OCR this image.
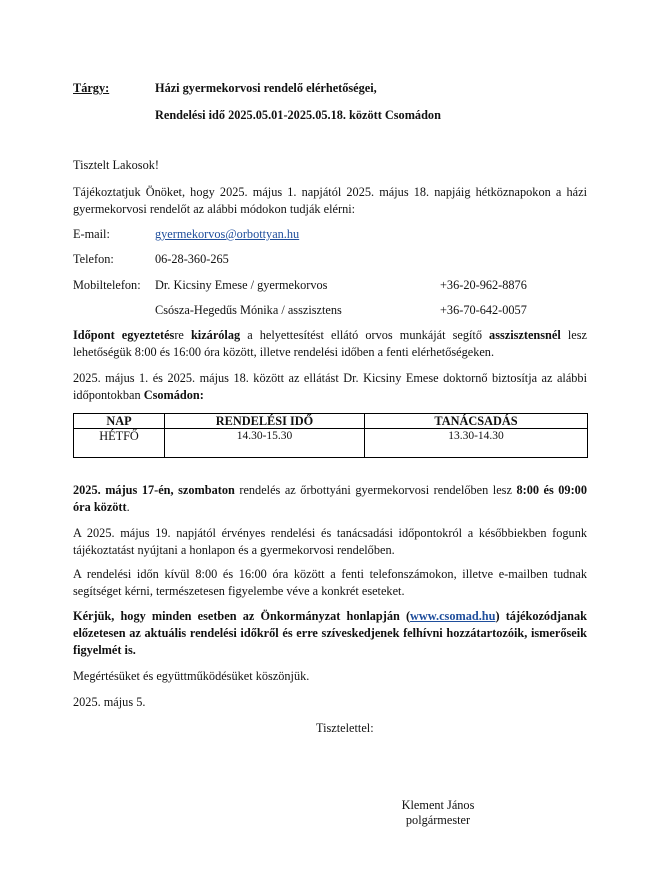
Tárgy:	Házi gyermekorvosi rendelő elérhetőségei,
Rendelési idő 2025.05.01-2025.05.18. között Csomádon
Tisztelt Lakosok!
Tájékoztatjuk Önöket, hogy 2025. május 1. napjától 2025. május 18. napjáig hétköznapokon a házi gyermekorvosi rendelőt az alábbi módokon tudják elérni:
E-mail:	gyermekorvos@orbottyan.hu
Telefon:	06-28-360-265
Mobiltelefon: Dr. Kicsiny Emese / gyermekorvos	+36-20-962-8876
Csósza-Hegedűs Mónika / asszisztens	+36-70-642-0057
Időpont egyeztetésre kizárólag a helyettesítést ellátó orvos munkáját segítő asszisztensnél lesz lehetőségük 8:00 és 16:00 óra között, illetve rendelési időben a fenti elérhetőségeken.
2025. május 1. és 2025. május 18. között az ellátást Dr. Kicsiny Emese doktornő biztosítja az alábbi időpontokban Csomádon:
NAP	RENDELÉSI IDŐ	TANÁCSADÁS
HÉTFŐ	14.30-15.30	13.30-14.30
2025. május 17-én, szombaton rendelés az őrbottyáni gyermekorvosi rendelőben lesz 8:00 és 09:00 óra között.
A 2025. május 19. napjától érvényes rendelési és tanácsadási időpontokról a későbbiekben fogunk tájékoztatást nyújtani a honlapon és a gyermekorvosi rendelőben.
A rendelési időn kívül 8:00 és 16:00 óra között a fenti telefonszámokon, illetve e-mailben tudnak segítséget kérni, természetesen figyelembe véve a konkrét eseteket.
Kérjük, hogy minden esetben az Önkormányzat honlapján (www.csomad.hu) tájékozódjanak előzetesen az aktuális rendelési időkről és erre szíveskedjenek felhívni hozzátartozóik, ismerőseik figyelmét is.
Megértésüket és együttműködésüket köszönjük.
2025. május 5.
Tisztelettel:
Klement János
polgármester
